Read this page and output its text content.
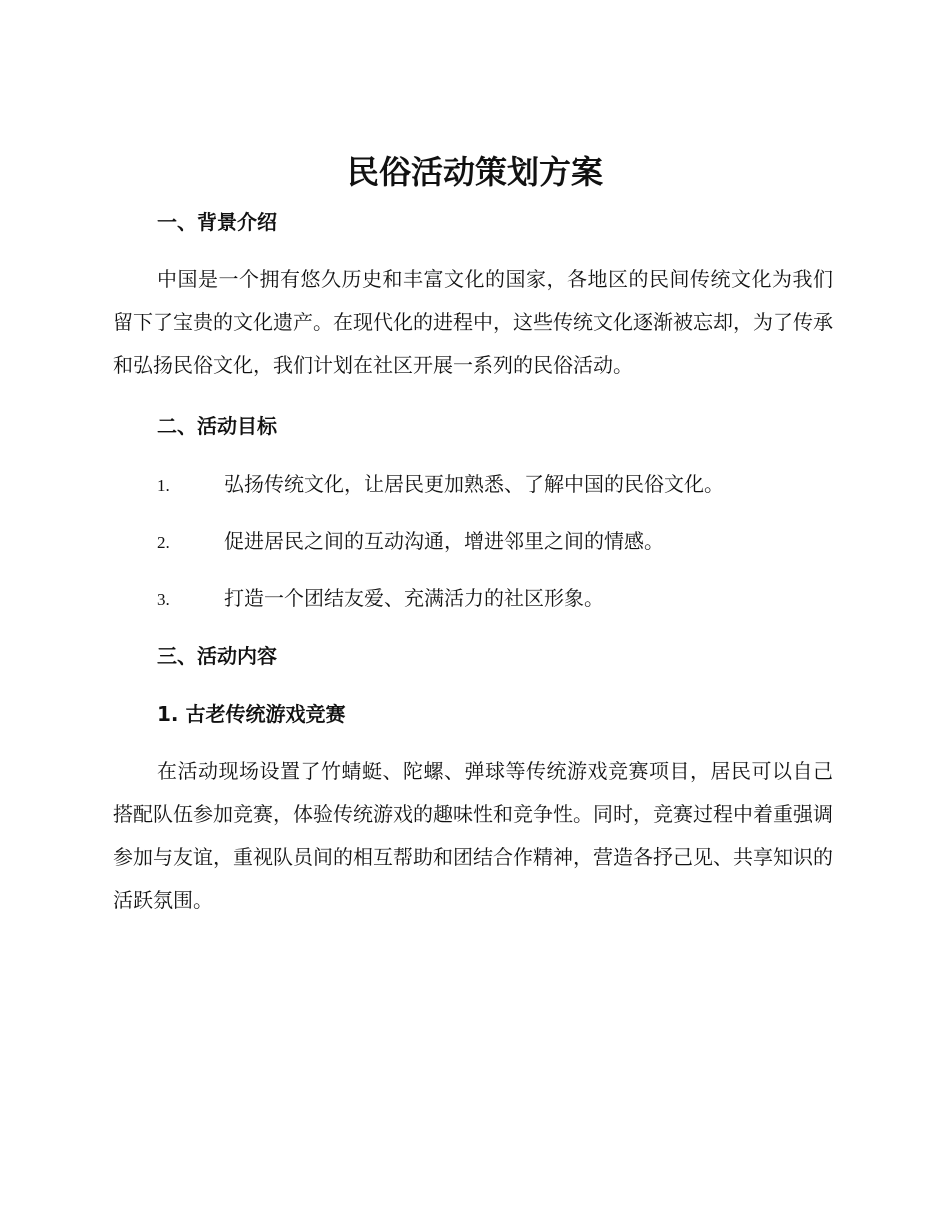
民俗活动策划方案
一、背景介绍
中国是一个拥有悠久历史和丰富文化的国家，各地区的民间传统文化为我们留下了宝贵的文化遗产。在现代化的进程中，这些传统文化逐渐被忘却，为了传承和弘扬民俗文化，我们计划在社区开展一系列的民俗活动。
二、活动目标
1.	弘扬传统文化，让居民更加熟悉、了解中国的民俗文化。
2.	促进居民之间的互动沟通，增进邻里之间的情感。
3.	打造一个团结友爱、充满活力的社区形象。
三、活动内容
1. 古老传统游戏竞赛
在活动现场设置了竹蜻蜓、陀螺、弹球等传统游戏竞赛项目，居民可以自己搭配队伍参加竞赛，体验传统游戏的趣味性和竞争性。同时，竞赛过程中着重强调参加与友谊，重视队员间的相互帮助和团结合作精神，营造各抒己见、共享知识的活跃氛围。
